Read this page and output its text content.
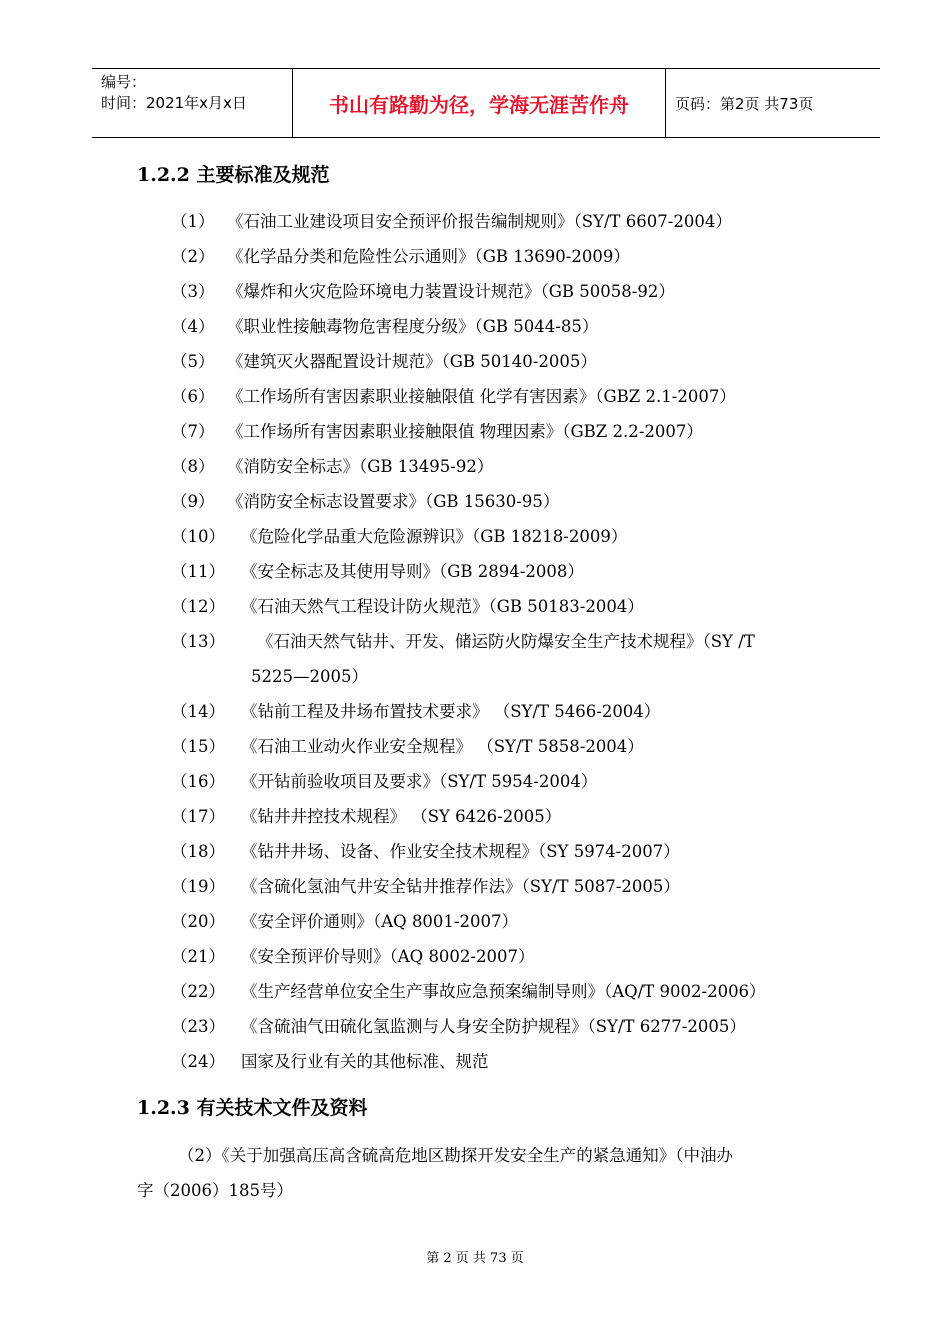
编号：
时间：2021年x月x日	书山有路勤为径，学海无涯苦作舟	页码：第2页 共73页
1.2.2 主要标准及规范
（1） 《石油工业建设项目安全预评价报告编制规则》（SY/T 6607-2004）
（2） 《化学品分类和危险性公示通则》（GB 13690-2009）
（3） 《爆炸和火灾危险环境电力装置设计规范》（GB 50058-92）
（4） 《职业性接触毒物危害程度分级》（GB 5044-85）
（5） 《建筑灭火器配置设计规范》（GB 50140-2005）
（6） 《工作场所有害因素职业接触限值 化学有害因素》（GBZ 2.1-2007）
（7） 《工作场所有害因素职业接触限值 物理因素》（GBZ 2.2-2007）
（8） 《消防安全标志》（GB 13495-92）
（9） 《消防安全标志设置要求》（GB 15630-95）
（10） 《危险化学品重大危险源辨识》（GB 18218-2009）
（11） 《安全标志及其使用导则》（GB 2894-2008）
（12） 《石油天然气工程设计防火规范》（GB 50183-2004）
（13） 《石油天然气钻井、开发、储运防火防爆安全生产技术规程》（SY /T
5225—2005）
（14） 《钻前工程及井场布置技术要求》 （SY/T 5466-2004）
（15） 《石油工业动火作业安全规程》 （SY/T 5858-2004）
（16） 《开钻前验收项目及要求》（SY/T 5954-2004）
（17） 《钻井井控技术规程》 （SY 6426-2005）
（18） 《钻井井场、设备、作业安全技术规程》（SY 5974-2007）
（19） 《含硫化氢油气井安全钻井推荐作法》（SY/T 5087-2005）
（20） 《安全评价通则》（AQ 8001-2007）
（21） 《安全预评价导则》（AQ 8002-2007）
（22） 《生产经营单位安全生产事故应急预案编制导则》（AQ/T 9002-2006）
（23） 《含硫油气田硫化氢监测与人身安全防护规程》（SY/T 6277-2005）
（24） 国家及行业有关的其他标准、规范
1.2.3 有关技术文件及资料
（2）《关于加强高压高含硫高危地区勘探开发安全生产的紧急通知》（中油办
字（2006）185号）
第 2 页 共 73 页
